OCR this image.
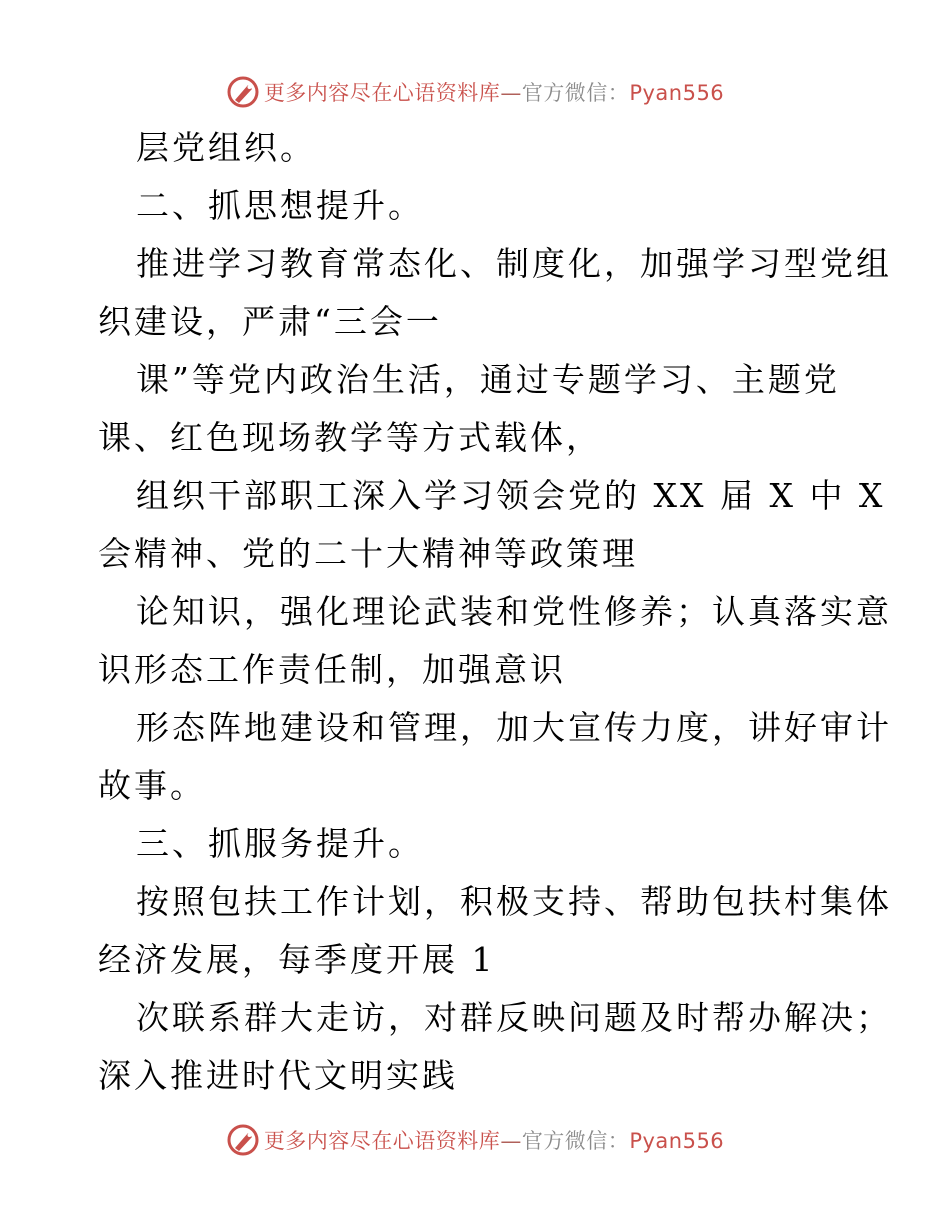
更多内容尽在心语资料库—官方微信：Pyan556
层党组织。
二、抓思想提升。
推进学习教育常态化、制度化，加强学习型党组
织建设，严肃“三会一
课”等党内政治生活，通过专题学习、主题党
课、红色现场教学等方式载体，
组织干部职工深入学习领会党的 XX 届 X 中 X
会精神、党的二十大精神等政策理
论知识，强化理论武装和党性修养；认真落实意
识形态工作责任制，加强意识
形态阵地建设和管理，加大宣传力度，讲好审计
故事。
三、抓服务提升。
按照包扶工作计划，积极支持、帮助包扶村集体
经济发展，每季度开展 1
次联系群大走访，对群反映问题及时帮办解决；
深入推进时代文明实践
更多内容尽在心语资料库—官方微信：Pyan556
